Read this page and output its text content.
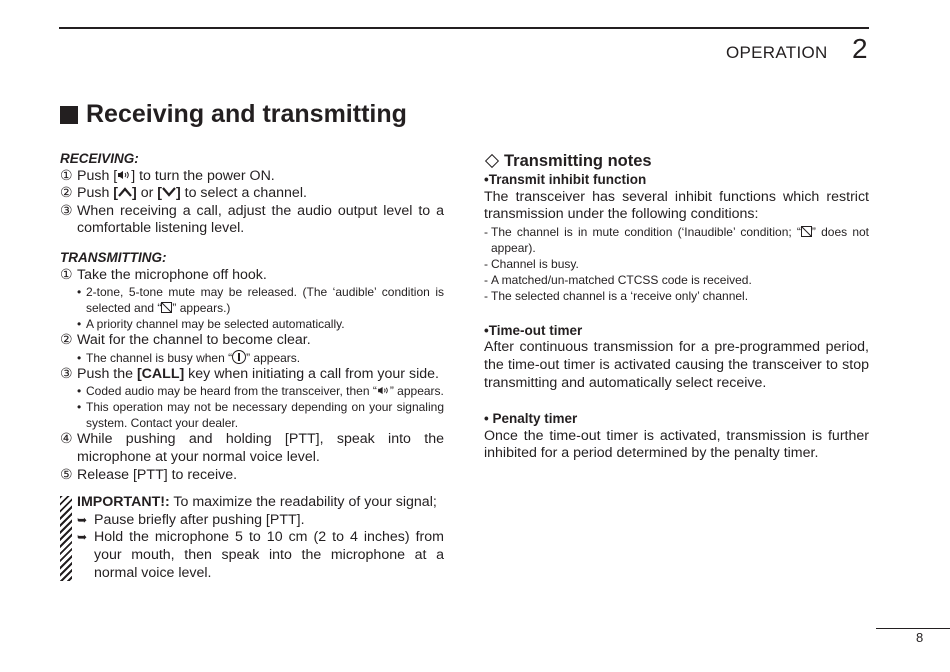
OPERATION 2
Receiving and transmitting
RECEIVING:
① Push [ ] to turn the power ON.
② Push [ ] or [ ] to select a channel.
③ When receiving a call, adjust the audio output level to a comfortable listening level.
TRANSMITTING:
① Take the microphone off hook.
• 2-tone, 5-tone mute may be released. (The ‘audible’ condition is selected and “ ” appears.)
• A priority channel may be selected automatically.
② Wait for the channel to become clear.
• The channel is busy when “ ” appears.
③ Push the [CALL] key when initiating a call from your side.
• Coded audio may be heard from the transceiver, then “ ” appears.
• This operation may not be necessary depending on your signaling system. Contact your dealer.
④ While pushing and holding [PTT], speak into the microphone at your normal voice level.
⑤ Release [PTT] to receive.
IMPORTANT!: To maximize the readability of your signal;
➥ Pause briefly after pushing [PTT].
➥ Hold the microphone 5 to 10 cm (2 to 4 inches) from your mouth, then speak into the microphone at a normal voice level.
Transmitting notes
•Transmit inhibit function
The transceiver has several inhibit functions which restrict transmission under the following conditions:
- The channel is in mute condition (‘Inaudible’ condition; “ ” does not appear).
- Channel is busy.
- A matched/un-matched CTCSS code is received.
- The selected channel is a ‘receive only’ channel.
•Time-out timer
After continuous transmission for a pre-programmed period, the time-out timer is activated causing the transceiver to stop transmitting and automatically select receive.
• Penalty timer
Once the time-out timer is activated, transmission is further inhibited for a period determined by the penalty timer.
8
